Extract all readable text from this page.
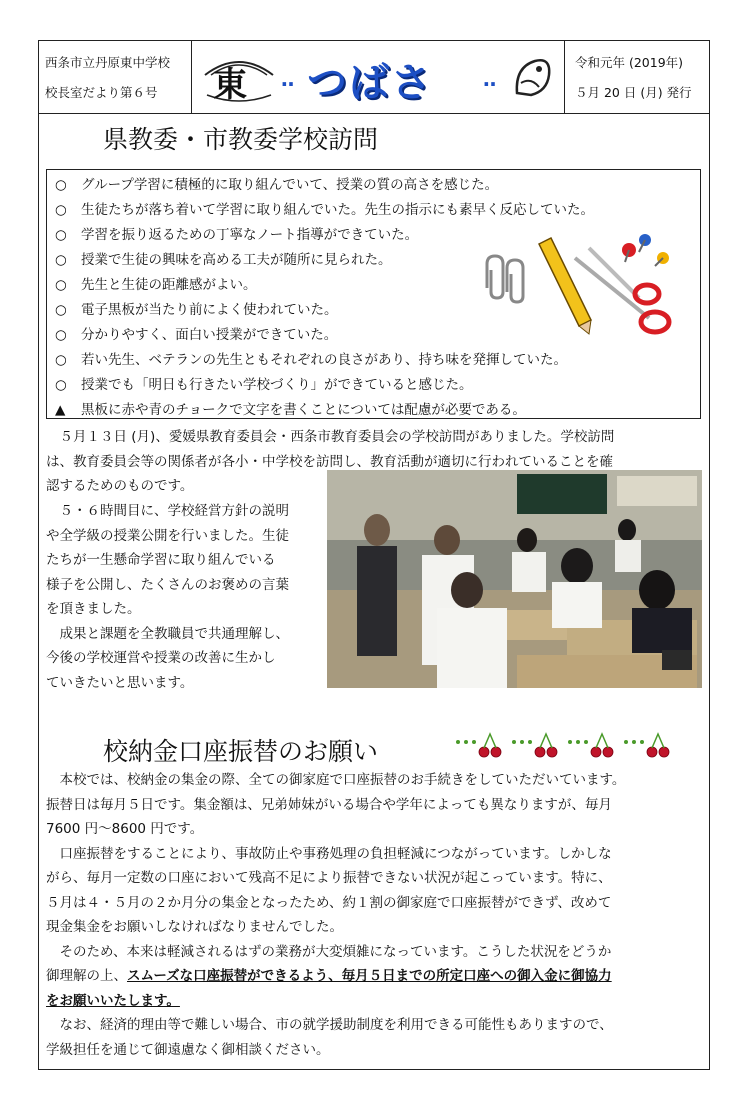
西条市立丹原東中学校
校長室だより第６号 東 ‥ つばさ	‥
令和元年 (2019年)
５月 20 日 (月) 発行
県教委・市教委学校訪問
○ グループ学習に積極的に取り組んでいて、授業の質の高さを感じた。
○ 生徒たちが落ち着いて学習に取り組んでいた。先生の指示にも素早く反応していた。
○ 学習を振り返るための丁寧なノート指導ができていた。
○ 授業で生徒の興味を高める工夫が随所に見られた。
○ 先生と生徒の距離感がよい。
○ 電子黒板が当たり前によく使われていた。
○ 分かりやすく、面白い授業ができていた。
○ 若い先生、ベテランの先生ともそれぞれの良さがあり、持ち味を発揮していた。
○ 授業でも「明日も行きたい学校づくり」ができていると感じた。
▲ 黒板に赤や青のチョークで文字を書くことについては配慮が必要である。
　５月１３日 (月)、愛媛県教育委員会・西条市教育委員会の学校訪問がありました。学校訪問
は、教育委員会等の関係者が各小・中学校を訪問し、教育活動が適切に行われていることを確
認するためのものです。
　５・６時間目に、学校経営方針の説明
や全学級の授業公開を行いました。生徒
たちが一生懸命学習に取り組んでいる
様子を公開し、たくさんのお褒めの言葉
を頂きました。
　成果と課題を全教職員で共通理解し、
今後の学校運営や授業の改善に生かし
ていきたいと思います。
校納金口座振替のお願い
　本校では、校納金の集金の際、全ての御家庭で口座振替のお手続きをしていただいています。
振替日は毎月５日です。集金額は、兄弟姉妹がいる場合や学年によっても異なりますが、毎月
7600 円～8600 円です。
　口座振替をすることにより、事故防止や事務処理の負担軽減につながっています。しかしな
がら、毎月一定数の口座において残高不足により振替できない状況が起こっています。特に、
５月は４・５月の２か月分の集金となったため、約１割の御家庭で口座振替ができず、改めて
現金集金をお願いしなければなりませんでした。
　そのため、本来は軽減されるはずの業務が大変煩雑になっています。こうした状況をどうか
御理解の上、スムーズな口座振替ができるよう、毎月５日までの所定口座への御入金に御協力
をお願いいたします。
　なお、経済的理由等で難しい場合、市の就学援助制度を利用できる可能性もありますので、
学級担任を通じて御遠慮なく御相談ください。
